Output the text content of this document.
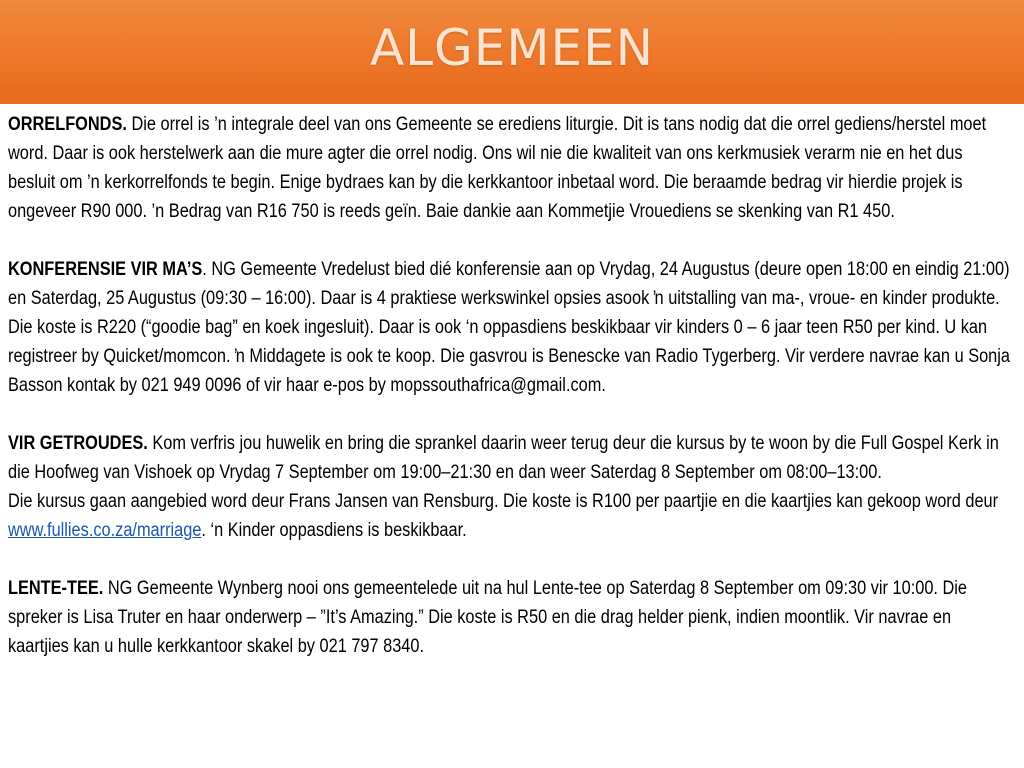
ALGEMEEN

ORRELFONDS. Die orrel is ’n integrale deel van ons Gemeente se erediens liturgie. Dit is tans nodig dat die orrel gediens/herstel moet word. Daar is ook herstelwerk aan die mure agter die orrel nodig. Ons wil nie die kwaliteit van ons kerkmusiek verarm nie en het dus besluit om ’n kerkorrelfonds te begin. Enige bydraes kan by die kerkkantoor inbetaal word. Die beraamde bedrag vir hierdie projek is ongeveer R90 000. ’n Bedrag van R16 750 is reeds geïn. Baie dankie aan Kommetjie Vrouediens se skenking van R1 450.

KONFERENSIE VIR MA’S. NG Gemeente Vredelust bied dié konferensie aan op Vrydag, 24 Augustus (deure open 18:00 en eindig 21:00) en Saterdag, 25 Augustus (09:30 – 16:00). Daar is 4 praktiese werkswinkel opsies asook ŉ uitstalling van ma-, vroue- en kinder produkte. Die koste is R220 (“goodie bag” en koek ingesluit). Daar is ook ‘n oppasdiens beskikbaar vir kinders 0 – 6 jaar teen R50 per kind. U kan registreer by Quicket/momcon. ŉ Middagete is ook te koop. Die gasvrou is Benescke van Radio Tygerberg. Vir verdere navrae kan u Sonja Basson kontak by 021 949 0096 of vir haar e-pos by mopssouthafrica@gmail.com.

VIR GETROUDES. Kom verfris jou huwelik en bring die sprankel daarin weer terug deur die kursus by te woon by die Full Gospel Kerk in die Hoofweg van Vishoek op Vrydag 7 September om 19:00–21:30 en dan weer Saterdag 8 September om 08:00–13:00.
Die kursus gaan aangebied word deur Frans Jansen van Rensburg. Die koste is R100 per paartjie en die kaartjies kan gekoop word deur www.fullies.co.za/marriage. ‘n Kinder oppasdiens is beskikbaar.

LENTE-TEE. NG Gemeente Wynberg nooi ons gemeentelede uit na hul Lente-tee op Saterdag 8 September om 09:30 vir 10:00. Die spreker is Lisa Truter en haar onderwerp – ”It’s Amazing.” Die koste is R50 en die drag helder pienk, indien moontlik. Vir navrae en kaartjies kan u hulle kerkkantoor skakel by 021 797 8340.
